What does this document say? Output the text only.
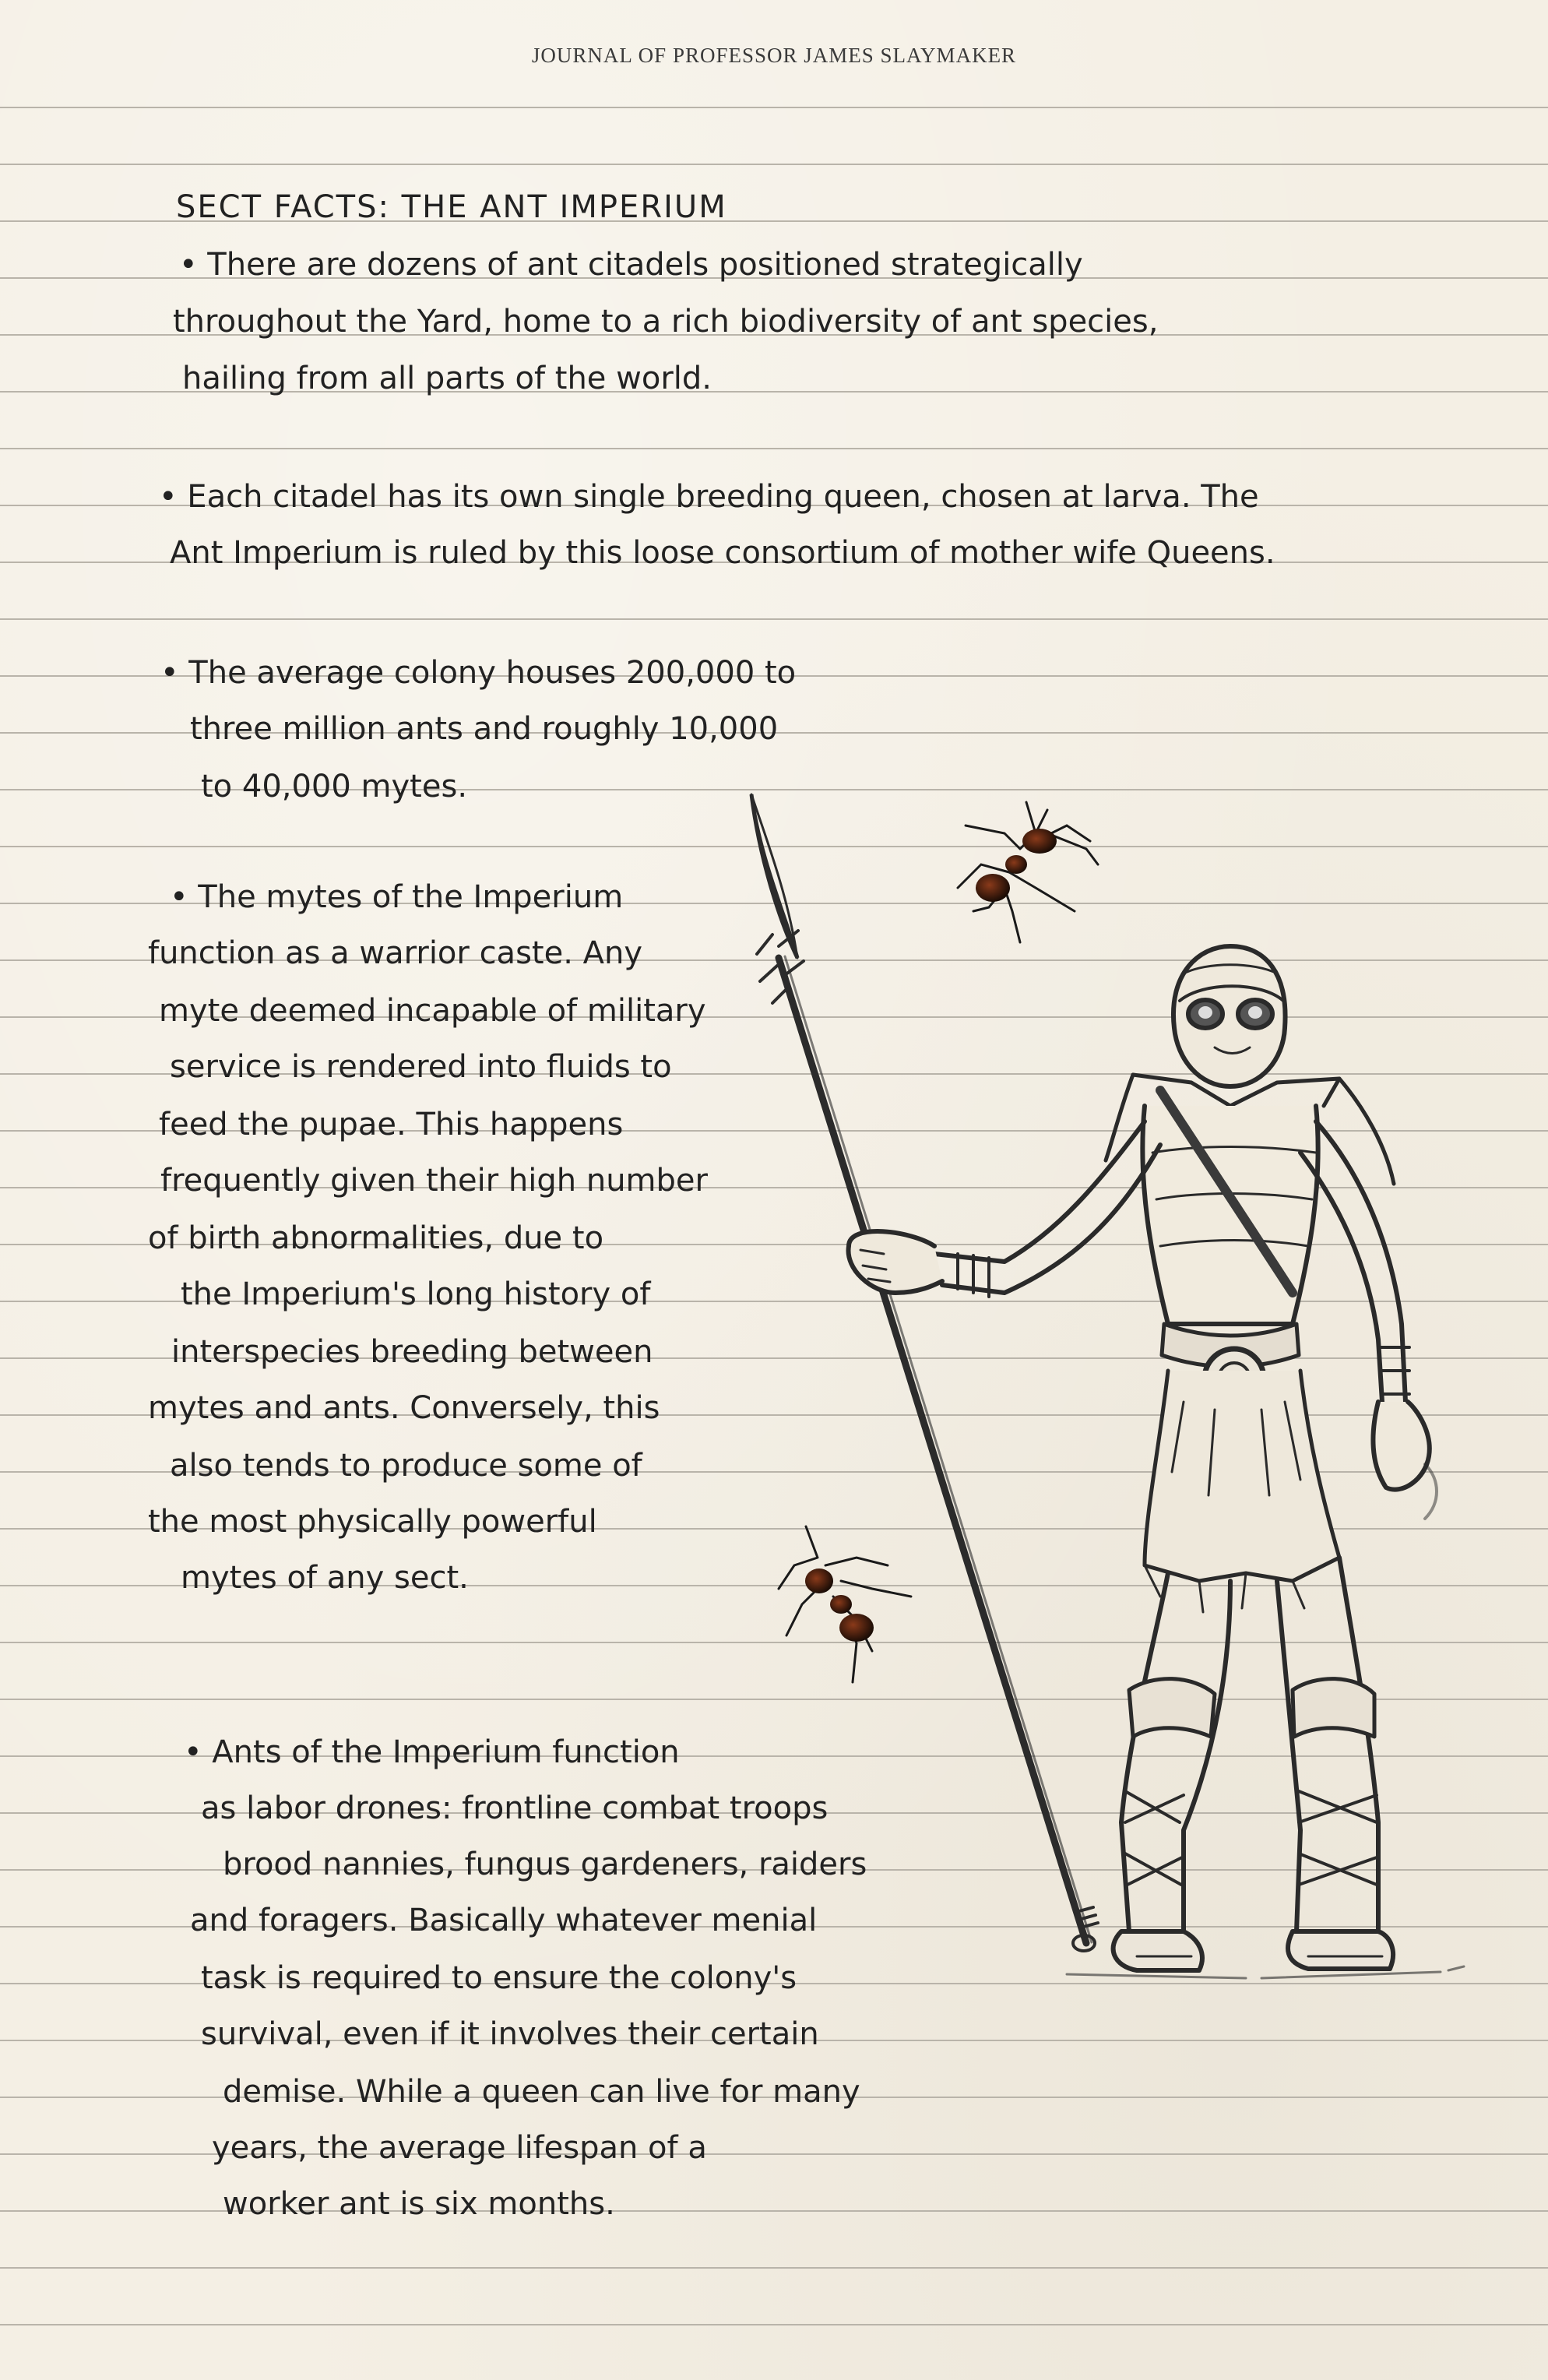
JOURNAL OF PROFESSOR JAMES SLAYMAKER
SECT FACTS: THE ANT IMPERIUM
• There are dozens of ant citadels positioned strategically
throughout the Yard, home to a rich biodiversity of ant species,
hailing from all parts of the world.
• Each citadel has its own single breeding queen, chosen at larva. The
Ant Imperium is ruled by this loose consortium of mother wife Queens.
• The average colony houses 200,000 to
three million ants and roughly 10,000
to 40,000 mytes.
• The mytes of the Imperium
function as a warrior caste. Any
myte deemed incapable of military
service is rendered into fluids to
feed the pupae. This happens
frequently given their high number
of birth abnormalities, due to
the Imperium's long history of
interspecies breeding between
mytes and ants. Conversely, this
also tends to produce some of
the most physically powerful
mytes of any sect.
• Ants of the Imperium function
as labor drones: frontline combat troops
brood nannies, fungus gardeners, raiders
and foragers. Basically whatever menial
task is required to ensure the colony's
survival, even if it involves their certain
demise. While a queen can live for many
years, the average lifespan of a
worker ant is six months.
